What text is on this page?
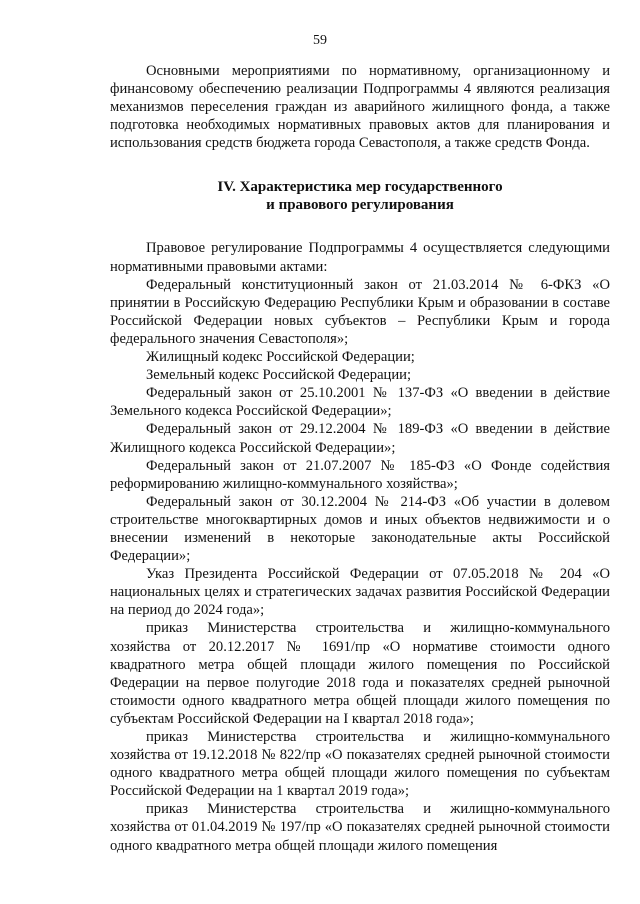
59

Основными мероприятиями по нормативному, организационному и финансовому обеспечению реализации Подпрограммы 4 являются реализация механизмов переселения граждан из аварийного жилищного фонда, а также подготовка необходимых нормативных правовых актов для планирования и использования средств бюджета города Севастополя, а также средств Фонда.

IV. Характеристика мер государственного
и правового регулирования

Правовое регулирование Подпрограммы 4 осуществляется следующими нормативными правовыми актами:

Федеральный конституционный закон от 21.03.2014 № 6-ФКЗ «О принятии в Российскую Федерацию Республики Крым и образовании в составе Российской Федерации новых субъектов – Республики Крым и города федерального значения Севастополя»;

Жилищный кодекс Российской Федерации;

Земельный кодекс Российской Федерации;

Федеральный закон от 25.10.2001 № 137-ФЗ «О введении в действие Земельного кодекса Российской Федерации»;

Федеральный закон от 29.12.2004 № 189-ФЗ «О введении в действие Жилищного кодекса Российской Федерации»;

Федеральный закон от 21.07.2007 № 185-ФЗ «О Фонде содействия реформированию жилищно-коммунального хозяйства»;

Федеральный закон от 30.12.2004 № 214-ФЗ «Об участии в долевом строительстве многоквартирных домов и иных объектов недвижимости и о внесении изменений в некоторые законодательные акты Российской Федерации»;

Указ Президента Российской Федерации от 07.05.2018 № 204 «О национальных целях и стратегических задачах развития Российской Федерации на период до 2024 года»;

приказ Министерства строительства и жилищно-коммунального хозяйства от 20.12.2017 № 1691/пр «О нормативе стоимости одного квадратного метра общей площади жилого помещения по Российской Федерации на первое полугодие 2018 года и показателях средней рыночной стоимости одного квадратного метра общей площади жилого помещения по субъектам Российской Федерации на I квартал 2018 года»;

приказ Министерства строительства и жилищно-коммунального хозяйства от 19.12.2018 № 822/пр «О показателях средней рыночной стоимости одного квадратного метра общей площади жилого помещения по субъектам Российской Федерации на 1 квартал 2019 года»;

приказ Министерства строительства и жилищно-коммунального хозяйства от 01.04.2019 № 197/пр «О показателях средней рыночной стоимости одного квадратного метра общей площади жилого помещения
